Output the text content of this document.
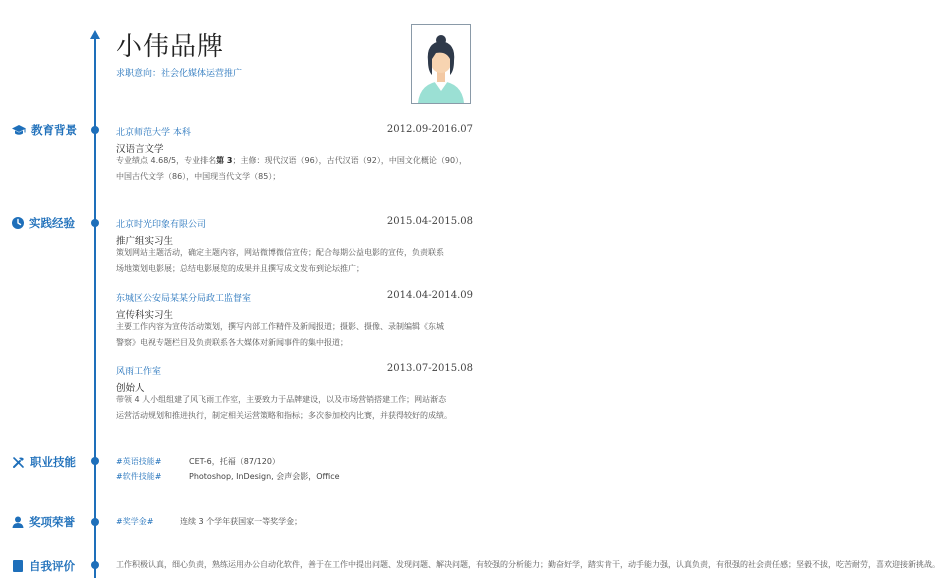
小伟品牌
求职意向：社会化媒体运营推广
教育背景	北京师范大学 本科	2012.09-2016.07
汉语言文学
专业绩点 4.68/5，专业排名第 3；主修：现代汉语（96），古代汉语（92），中国文化概论（90），
中国古代文学（86），中国现当代文学（85）；
实践经验	北京时光印象有限公司	2015.04-2015.08
推广组实习生
策划网站主题活动，确定主题内容，网站微博微信宣传；配合每期公益电影的宣传，负责联系
场地策划电影展；总结电影展览的成果并且撰写成文发布到论坛推广；
东城区公安局某某分局政工监督室	2014.04-2014.09
宣传科实习生
主要工作内容为宣传活动策划，撰写内部工作精件及新闻报道；摄影、摄像、录制编辑《东城
警察》电视专题栏目及负责联系各大媒体对新闻事件的集中报道；
风雨工作室	2013.07-2015.08
创始人
带领 4 人小组组建了风飞雨工作室，主要致力于品牌建设，以及市场营销搭建工作；网站渐态
运营活动规划和推进执行，制定相关运营策略和指标；多次参加校内比赛，并获得较好的成绩。
职业技能	#英语技能#	CET-6，托福（87/120）
#软件技能#	Photoshop, InDesign, 会声会影，Office
奖项荣誉	#奖学金#	连续 3 个学年获国家一等奖学金；
自我评价	工作积极认真，细心负责，熟练运用办公自动化软件，善于在工作中提出问题、发现问题、解决问题，有较强的分析能力；勤奋好学，踏实肯干，动手能力强，认真负责，有很强的社会责任感；坚毅不拔，吃苦耐劳，喜欢迎接新挑战。
